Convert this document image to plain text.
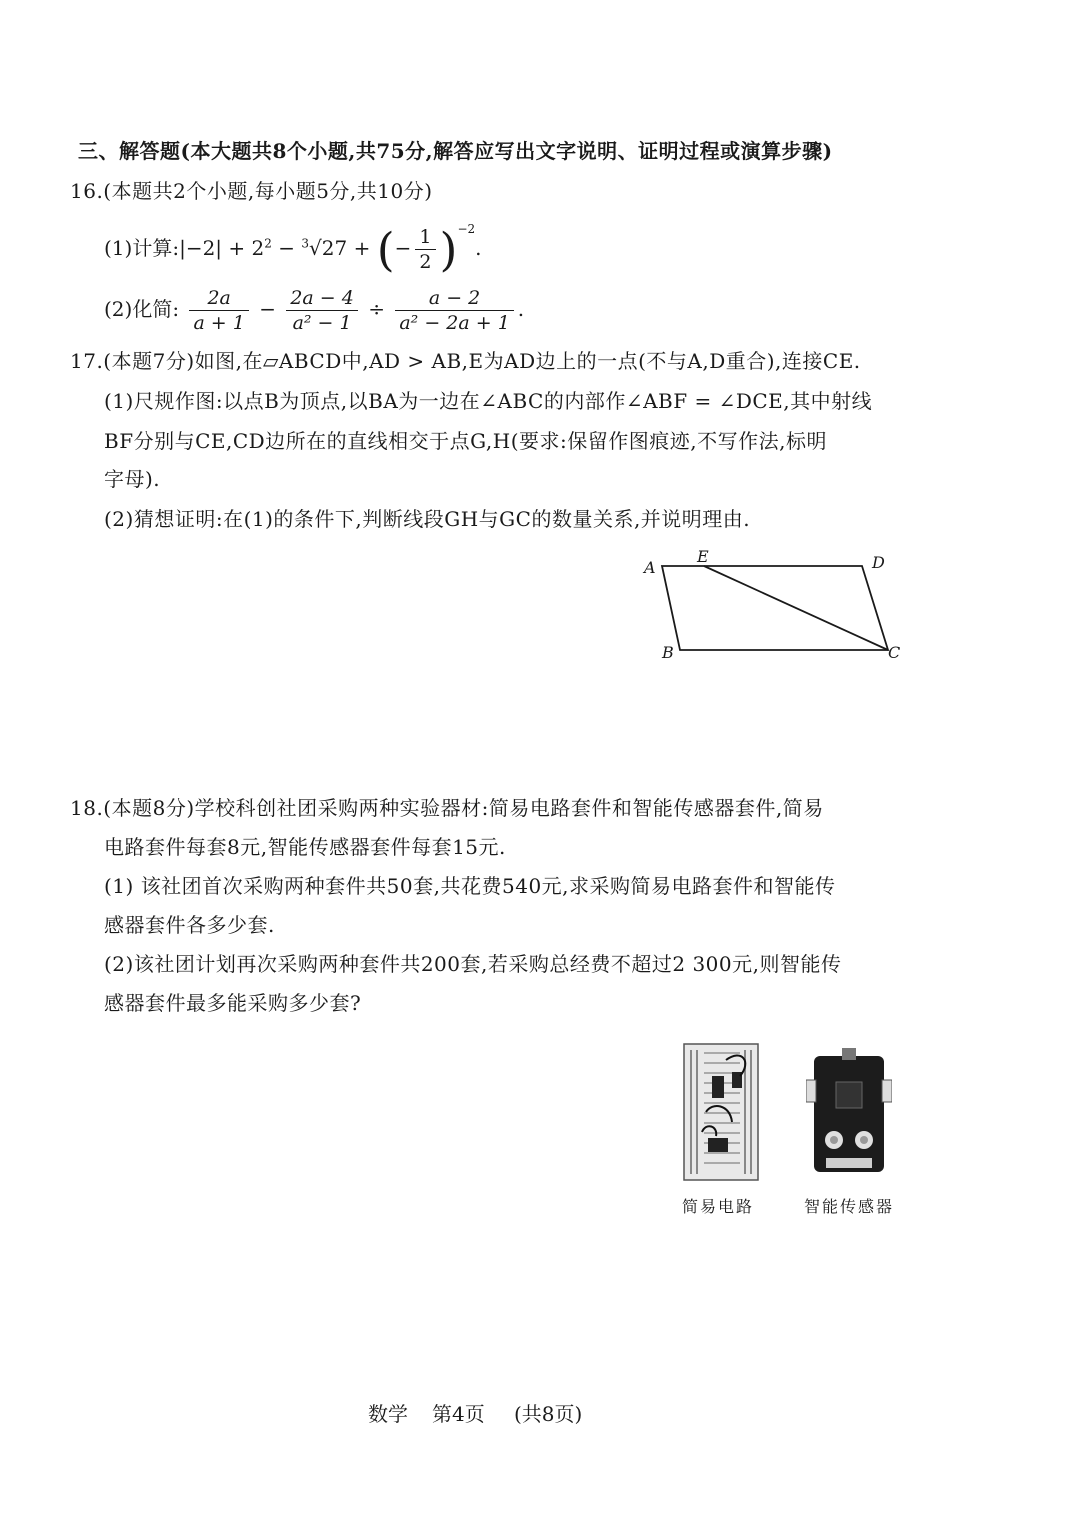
三、解答题(本大题共8个小题,共75分,解答应写出文字说明、证明过程或演算步骤)
16.(本题共2个小题,每小题5分,共10分)
(1)计算:|−2| + $2^2 - ^3√27$ + (− $\frac{1}{2} )^{-2}$.
(2)化简: $\frac{2a}{a + 1} - \frac{2a - 4}{\text{a² − 1}} \div \frac{a - 2}{\text{a² − 2a + 1}}$ .
17.(本题7分)如图,在▱ABCD中,AD > AB,E为AD边上的一点(不与A,D重合),连接CE.
(1)尺规作图:以点B为顶点,以BA为一边在∠ABC的内部作∠ABF = ∠DCE,其中射线
BF分别与CE,CD边所在的直线相交于点G,H(要求:保留作图痕迹,不写作法,标明
字母).
(2)猜想证明:在(1)的条件下,判断线段GH与GC的数量关系,并说明理由.
A
E	D
B	C
18.(本题8分)学校科创社团采购两种实验器材:简易电路套件和智能传感器套件,简易
电路套件每套8元,智能传感器套件每套15元.
(1) 该社团首次采购两种套件共50套,共花费540元,求采购简易电路套件和智能传
感器套件各多少套.
(2)该社团计划再次采购两种套件共200套,若采购总经费不超过2 300元,则智能传
感器套件最多能采购多少套?
简易电路	智能传感器
数学 第4页 (共8页)
